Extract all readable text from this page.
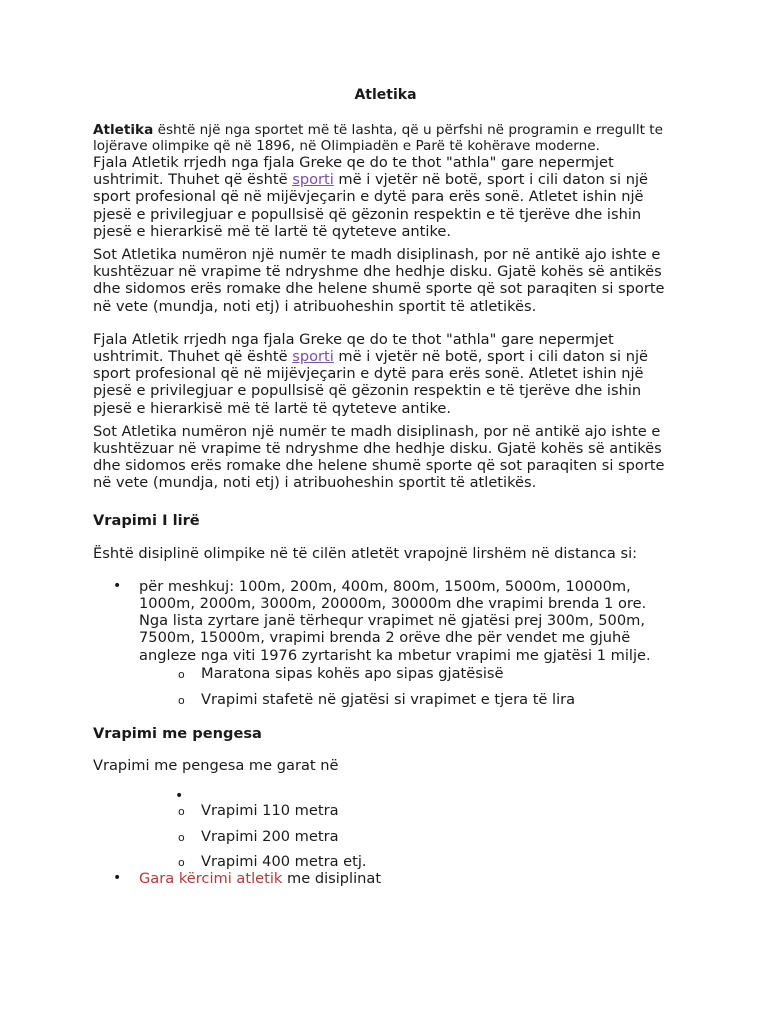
Atletika

Atletika është një nga sportet më të lashta, që u përfshi në programin e rregullt te lojërave olimpike që në 1896, në Olimpiadën e Parë të kohërave moderne.

Fjala Atletik rrjedh nga fjala Greke qe do te thot "athla" gare nepermjet ushtrimit. Thuhet që është sporti më i vjetër në botë, sport i cili daton si një sport profesional që në mijëvjeçarin e dytë para erës sonë. Atletet ishin një pjesë e privilegjuar e popullsisë që gëzonin respektin e të tjerëve dhe ishin pjesë e hierarkisë më të lartë të qyteteve antike.

Sot Atletika numëron një numër te madh disiplinash, por në antikë ajo ishte e kushtëzuar në vrapime të ndryshme dhe hedhje disku. Gjatë kohës së antikës dhe sidomos erës romake dhe helene shumë sporte që sot paraqiten si sporte në vete (mundja, noti etj) i atribuoheshin sportit të atletikës.

Fjala Atletik rrjedh nga fjala Greke qe do te thot "athla" gare nepermjet ushtrimit. Thuhet që është sporti më i vjetër në botë, sport i cili daton si një sport profesional që në mijëvjeçarin e dytë para erës sonë. Atletet ishin një pjesë e privilegjuar e popullsisë që gëzonin respektin e të tjerëve dhe ishin pjesë e hierarkisë më të lartë të qyteteve antike.

Sot Atletika numëron një numër te madh disiplinash, por në antikë ajo ishte e kushtëzuar në vrapime të ndryshme dhe hedhje disku. Gjatë kohës së antikës dhe sidomos erës romake dhe helene shumë sporte që sot paraqiten si sporte në vete (mundja, noti etj) i atribuoheshin sportit të atletikës.

Vrapimi I lirë

Është disiplinë olimpike në të cilën atletët vrapojnë lirshëm në distanca si:

• për meshkuj: 100m, 200m, 400m, 800m, 1500m, 5000m, 10000m, 1000m, 2000m, 3000m, 20000m, 30000m dhe vrapimi brenda 1 ore. Nga lista zyrtare janë tërhequr vrapimet në gjatësi prej 300m, 500m, 7500m, 15000m, vrapimi brenda 2 orëve dhe për vendet me gjuhë angleze nga viti 1976 zyrtarisht ka mbetur vrapimi me gjatësi 1 milje.
o Maratona sipas kohës apo sipas gjatësisë
o Vrapimi stafetë në gjatësi si vrapimet e tjera të lira
Vrapimi me pengesa

Vrapimi me pengesa me garat në

•
o Vrapimi 110 metra
o Vrapimi 200 metra
o Vrapimi 400 metra etj.
• Gara kërcimi atletik me disiplinat
